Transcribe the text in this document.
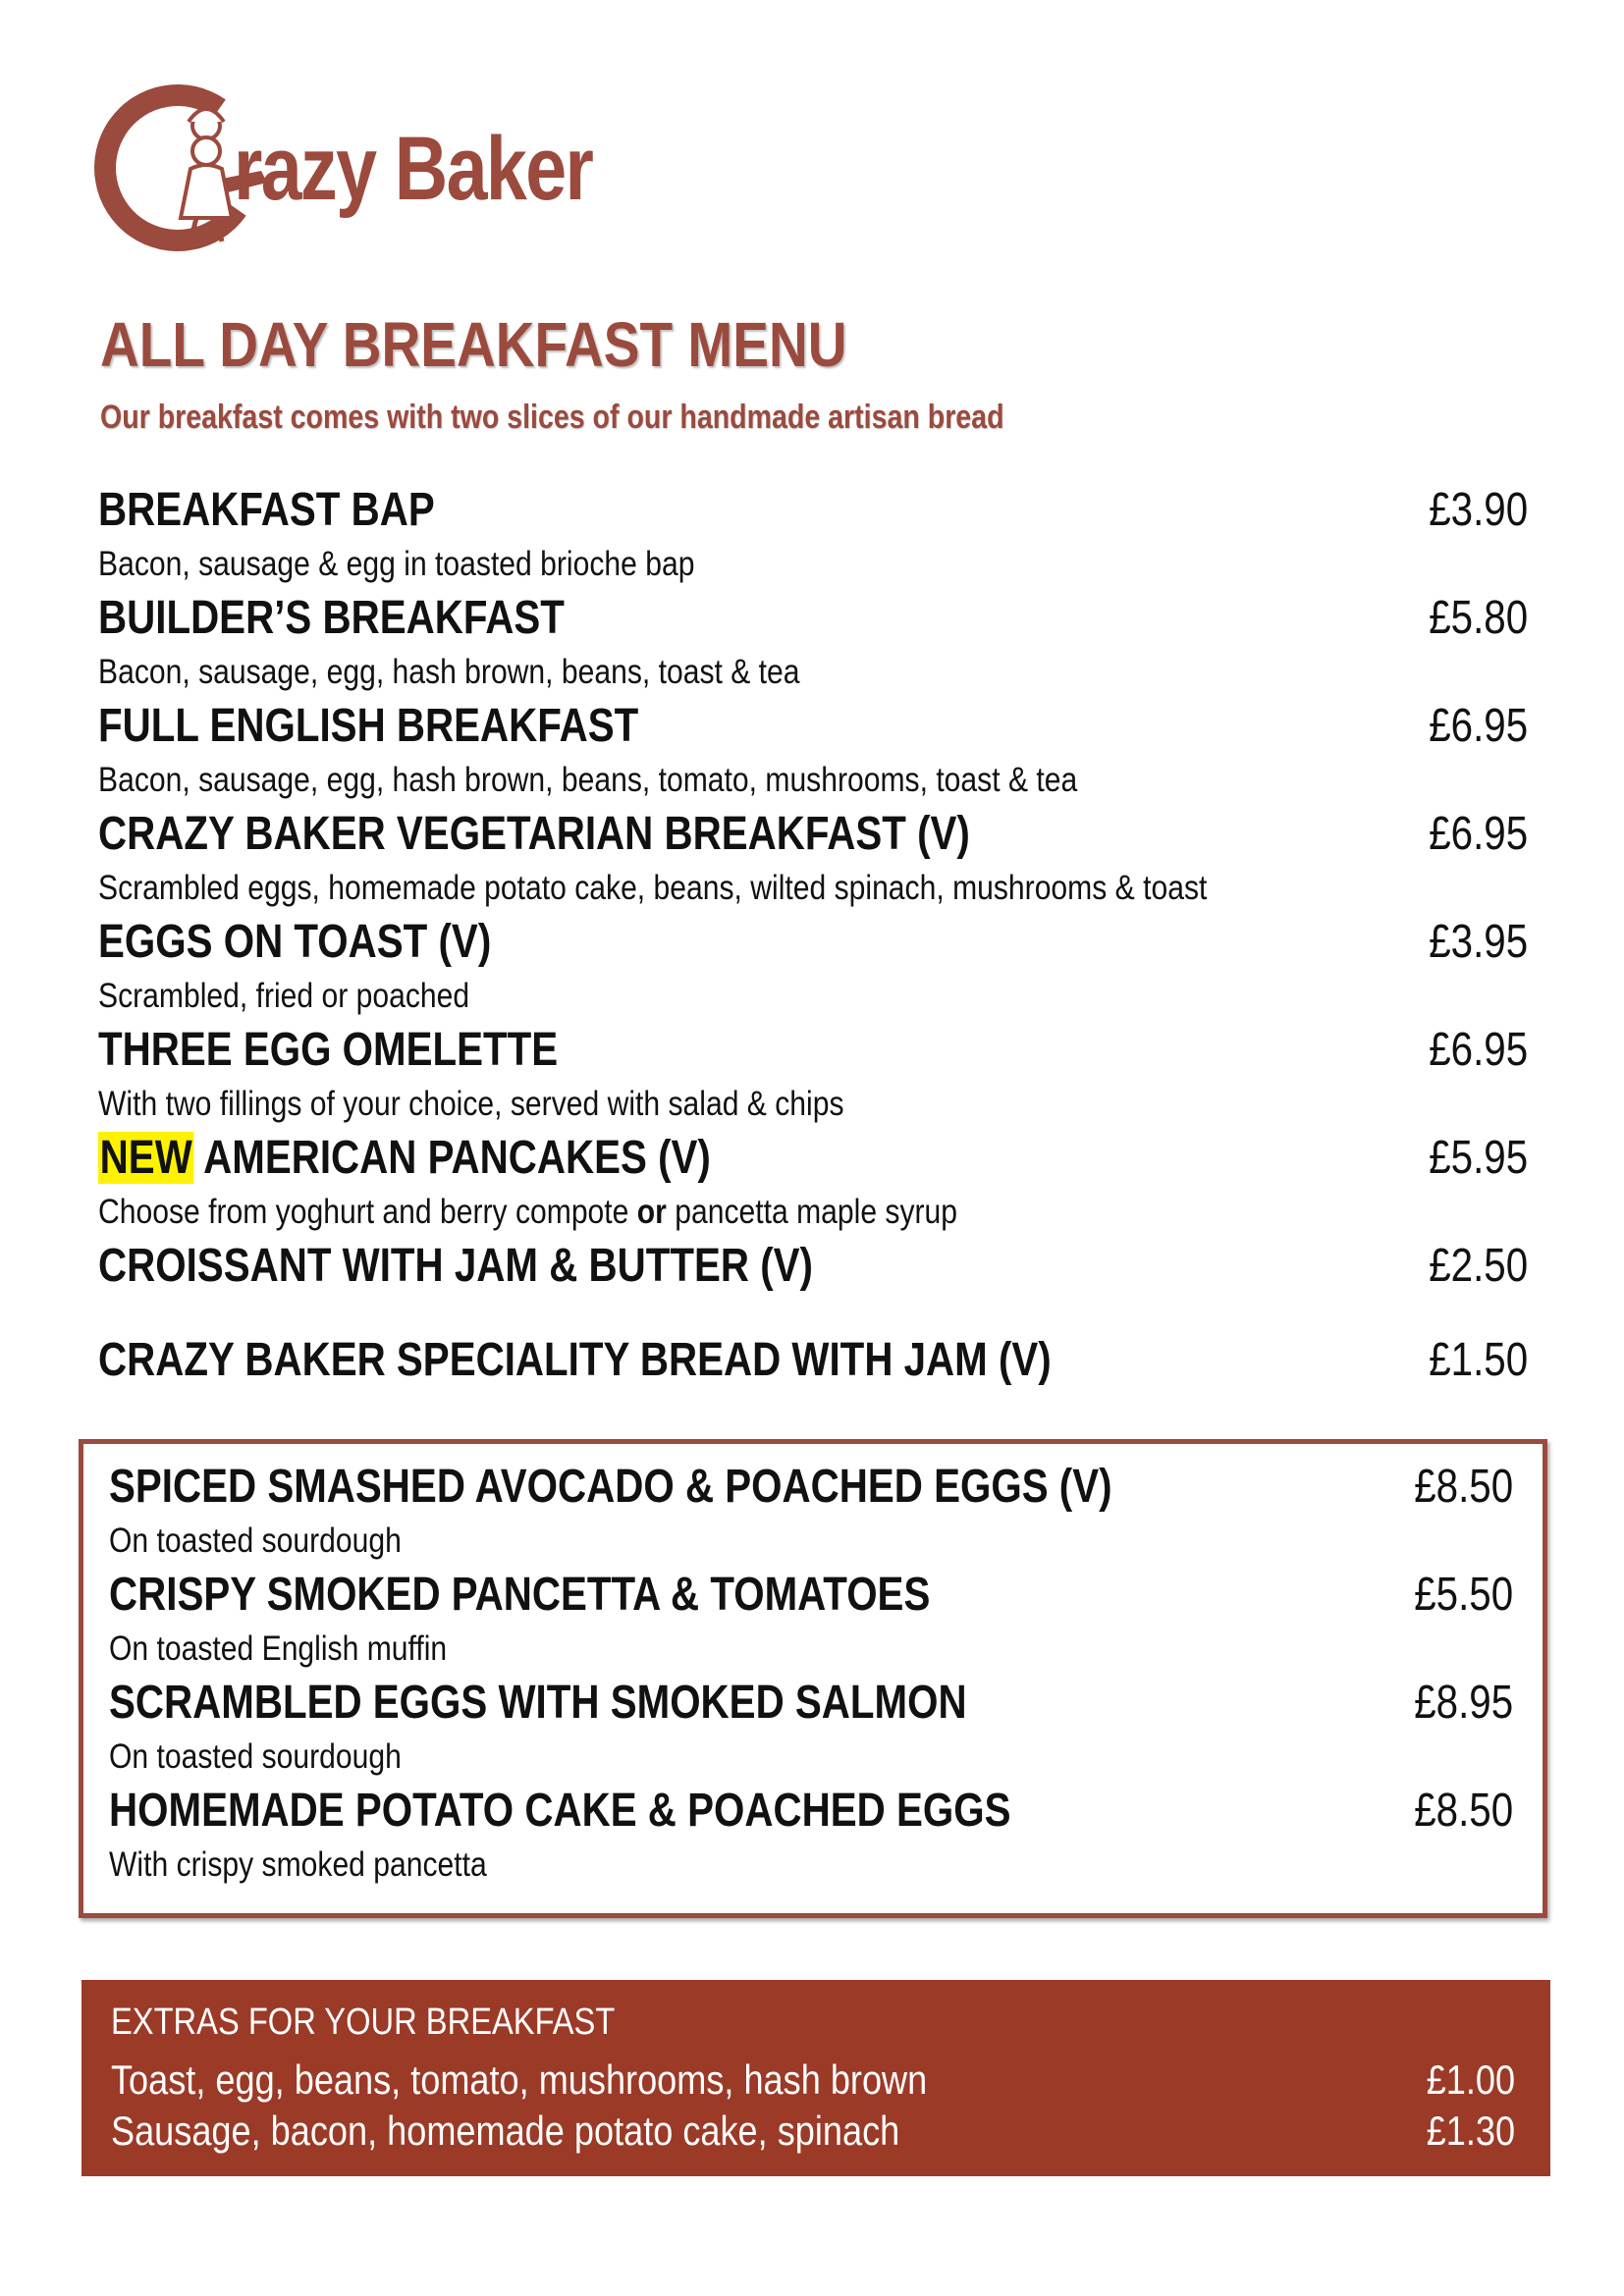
razy Baker
ALL DAY BREAKFAST MENU
Our breakfast comes with two slices of our handmade artisan bread
BREAKFAST BAP	£3.90
Bacon, sausage & egg in toasted brioche bap
BUILDER’S BREAKFAST	£5.80
Bacon, sausage, egg, hash brown, beans, toast & tea
FULL ENGLISH BREAKFAST	£6.95
Bacon, sausage, egg, hash brown, beans, tomato, mushrooms, toast & tea
CRAZY BAKER VEGETARIAN BREAKFAST (V)	£6.95
Scrambled eggs, homemade potato cake, beans, wilted spinach, mushrooms & toast
EGGS ON TOAST (V)	£3.95
Scrambled, fried or poached
THREE EGG OMELETTE	£6.95
With two fillings of your choice, served with salad & chips
NEW AMERICAN PANCAKES (V)	£5.95
Choose from yoghurt and berry compote or pancetta maple syrup
CROISSANT WITH JAM & BUTTER (V)	£2.50
CRAZY BAKER SPECIALITY BREAD WITH JAM (V)	£1.50
SPICED SMASHED AVOCADO & POACHED EGGS (V)	£8.50
On toasted sourdough
CRISPY SMOKED PANCETTA & TOMATOES	£5.50
On toasted English muffin
SCRAMBLED EGGS WITH SMOKED SALMON	£8.95
On toasted sourdough
HOMEMADE POTATO CAKE & POACHED EGGS	£8.50
With crispy smoked pancetta
EXTRAS FOR YOUR BREAKFAST
Toast, egg, beans, tomato, mushrooms, hash brown	£1.00
Sausage, bacon, homemade potato cake, spinach	£1.30
